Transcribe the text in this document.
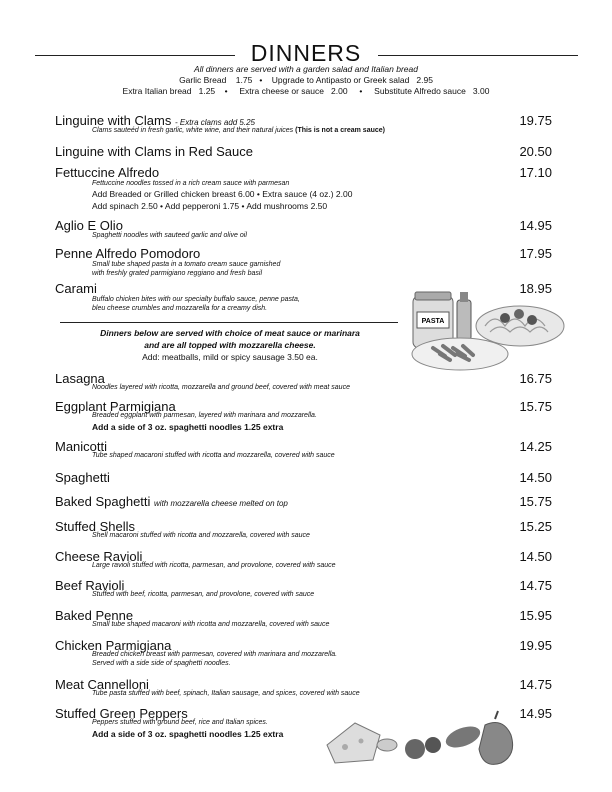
DINNERS
All dinners are served with a garden salad and Italian bread
Garlic Bread    1.75   •    Upgrade to Antipasto or Greek salad   2.95
Extra Italian bread   1.25    •     Extra cheese or sauce   2.00     •     Substitute Alfredo sauce   3.00
Linguine with Clams - Extra clams add 5.25	19.75
Clams sauteéd in fresh garlic, white wine, and their natural juices (This is not a cream sauce)
Linguine with Clams in Red Sauce	20.50
Fettuccine Alfredo	17.10
Fettuccine noodles tossed in a rich cream sauce with parmesan
Add Breaded or Grilled chicken breast 6.00 • Extra sauce (4 oz.) 2.00
Add spinach 2.50 • Add pepperoni 1.75 • Add mushrooms 2.50
Aglio E Olio	14.95
Spaghetti noodles with sauteed garlic and olive oil
Penne Alfredo Pomodoro	17.95
Small tube shaped pasta in a tomato cream sauce garnished
with freshly grated parmigiano reggiano and fresh basil
Carami	18.95
Buffalo chicken bites with our specialty buffalo sauce, penne pasta,
bleu cheese crumbles and mozzarella for a creamy dish.
Dinners below are served with choice of meat sauce or marinara
and are all topped with mozzarella cheese.
Add: meatballs, mild or spicy sausage 3.50 ea.
PASTA
Lasagna	16.75
Noodles layered with ricotta, mozzarella and ground beef, covered with meat sauce
Eggplant Parmigiana	15.75
Breaded eggplant with parmesan, layered with marinara and mozzarella.
Add a side of 3 oz. spaghetti noodles 1.25 extra
Manicotti	14.25
Tube shaped macaroni stuffed with ricotta and mozzarella, covered with sauce
Spaghetti	14.50
Baked Spaghetti with mozzarella cheese melted on top	15.75
Stuffed Shells	15.25
Shell macaroni stuffed with ricotta and mozzarella, covered with sauce
Cheese Ravioli	14.50
Large ravioli stuffed with ricotta, parmesan, and provolone, covered with sauce
Beef Ravioli	14.75
Stuffed with beef, ricotta, parmesan, and provolone, covered with sauce
Baked Penne	15.95
Small tube shaped macaroni with ricotta and mozzarella, covered with sauce
Chicken Parmigiana	19.95
Breaded chicken breast with parmesan, covered with marinara and mozzarella.
Served with a side side of spaghetti noodles.
Meat Cannelloni	14.75
Tube pasta stuffed with beef, spinach, Italian sausage, and spices, covered with sauce
Stuffed Green Peppers	14.95
Peppers stuffed with ground beef, rice and Italian spices.
Add a side of 3 oz. spaghetti noodles 1.25 extra
